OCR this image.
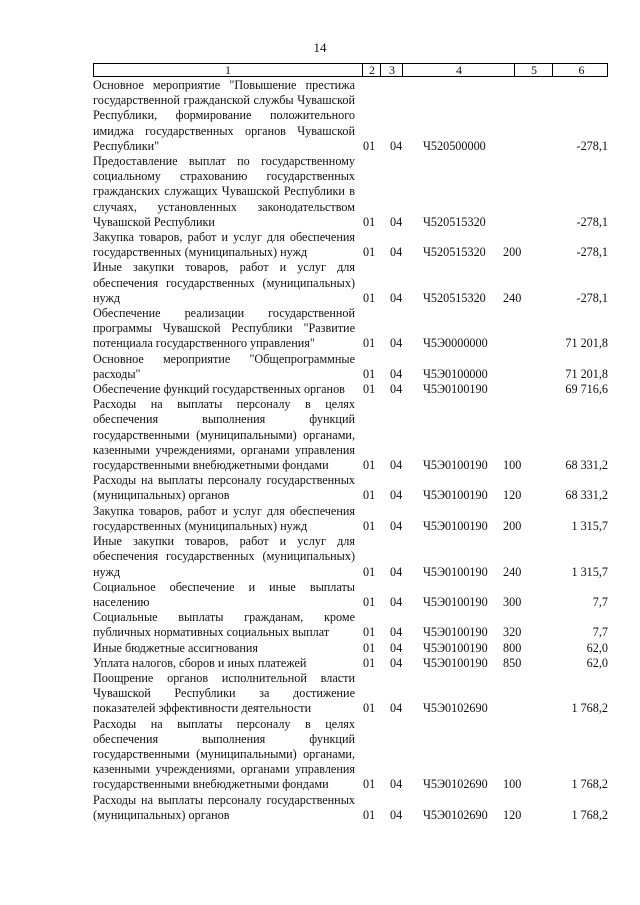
14
1	2	3	4	5	6
Основное мероприятие "Повышение престижа государственной гражданской службы Чувашской Республики, формирование положительного имиджа государственных органов Чувашской Республики"	01 04 Ч520500000	-278,1
Предоставление выплат по государственному социальному страхованию государственных гражданских служащих Чувашской Республики в случаях, установленных законодательством Чувашской Республики	01 04 Ч520515320	-278,1
Закупка товаров, работ и услуг для обеспечения государственных (муниципальных) нужд	01 04 Ч520515320 200	-278,1
Иные закупки товаров, работ и услуг для обеспечения государственных (муниципальных) нужд	01 04 Ч520515320 240	-278,1
Обеспечение реализации государственной программы Чувашской Республики "Развитие потенциала государственного управления"	01 04 Ч5Э0000000	71 201,8
Основное мероприятие "Общепрограммные расходы"	01 04 Ч5Э0100000	71 201,8
Обеспечение функций государственных органов	01 04 Ч5Э0100190	69 716,6
Расходы на выплаты персоналу в целях обеспечения выполнения функций государственными (муниципальными) органами, казенными учреждениями, органами управления государственными внебюджетными фондами	01 04 Ч5Э0100190 100	68 331,2
Расходы на выплаты персоналу государственных (муниципальных) органов	01 04 Ч5Э0100190 120	68 331,2
Закупка товаров, работ и услуг для обеспечения государственных (муниципальных) нужд	01 04 Ч5Э0100190 200	1 315,7
Иные закупки товаров, работ и услуг для обеспечения государственных (муниципальных) нужд	01 04 Ч5Э0100190 240	1 315,7
Социальное обеспечение и иные выплаты населению	01 04 Ч5Э0100190 300	7,7
Социальные выплаты гражданам, кроме публичных нормативных социальных выплат	01 04 Ч5Э0100190 320	7,7
Иные бюджетные ассигнования	01 04 Ч5Э0100190 800	62,0
Уплата налогов, сборов и иных платежей	01 04 Ч5Э0100190 850	62,0
Поощрение органов исполнительной власти Чувашской Республики за достижение показателей эффективности деятельности	01 04 Ч5Э0102690	1 768,2
Расходы на выплаты персоналу в целях обеспечения выполнения функций государственными (муниципальными) органами, казенными учреждениями, органами управления государственными внебюджетными фондами	01 04 Ч5Э0102690 100	1 768,2
Расходы на выплаты персоналу государственных (муниципальных) органов	01 04 Ч5Э0102690 120	1 768,2
